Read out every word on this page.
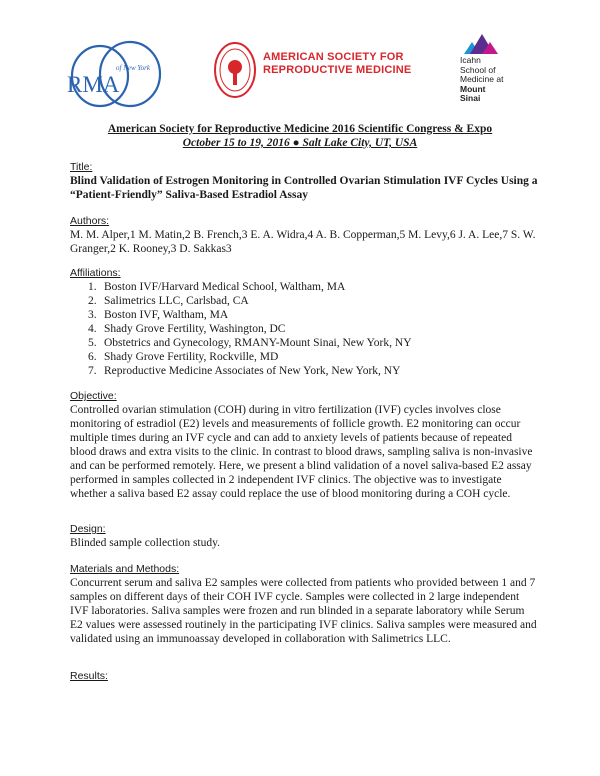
RMA
of New York
AMERICAN SOCIETY FOR REPRODUCTIVE MEDICINE
Icahn
School of
Medicine at
Mount
Sinai
American Society for Reproductive Medicine 2016 Scientific Congress & Expo
October 15 to 19, 2016 ● Salt Lake City, UT, USA
Title:

Blind Validation of Estrogen Monitoring in Controlled Ovarian Stimulation IVF Cycles Using a “Patient-Friendly” Saliva-Based Estradiol Assay

Authors:

M. M. Alper,1 M. Matin,2 B. French,3 E. A. Widra,4 A. B. Copperman,5 M. Levy,6 J. A. Lee,7 S. W. Granger,2 K. Rooney,3 D. Sakkas3

Affiliations:
1. Boston IVF/Harvard Medical School, Waltham, MA
2. Salimetrics LLC, Carlsbad, CA
3. Boston IVF, Waltham, MA
4. Shady Grove Fertility, Washington, DC
5. Obstetrics and Gynecology, RMANY-Mount Sinai, New York, NY
6. Shady Grove Fertility, Rockville, MD
7. Reproductive Medicine Associates of New York, New York, NY
Objective:

Controlled ovarian stimulation (COH) during in vitro fertilization (IVF) cycles involves close monitoring of estradiol (E2) levels and measurements of follicle growth. E2 monitoring can occur multiple times during an IVF cycle and can add to anxiety levels of patients because of repeated blood draws and extra visits to the clinic. In contrast to blood draws, sampling saliva is non-invasive and can be performed remotely. Here, we present a blind validation of a novel saliva-based E2 assay performed in samples collected in 2 independent IVF clinics. The objective was to investigate whether a saliva based E2 assay could replace the use of blood monitoring during a COH cycle.

Design:

Blinded sample collection study.

Materials and Methods:

Concurrent serum and saliva E2 samples were collected from patients who provided between 1 and 7 samples on different days of their COH IVF cycle. Samples were collected in 2 large independent IVF laboratories. Saliva samples were frozen and run blinded in a separate laboratory while Serum E2 values were assessed routinely in the participating IVF clinics. Saliva samples were measured and validated using an immunoassay developed in collaboration with Salimetrics LLC.

Results:
